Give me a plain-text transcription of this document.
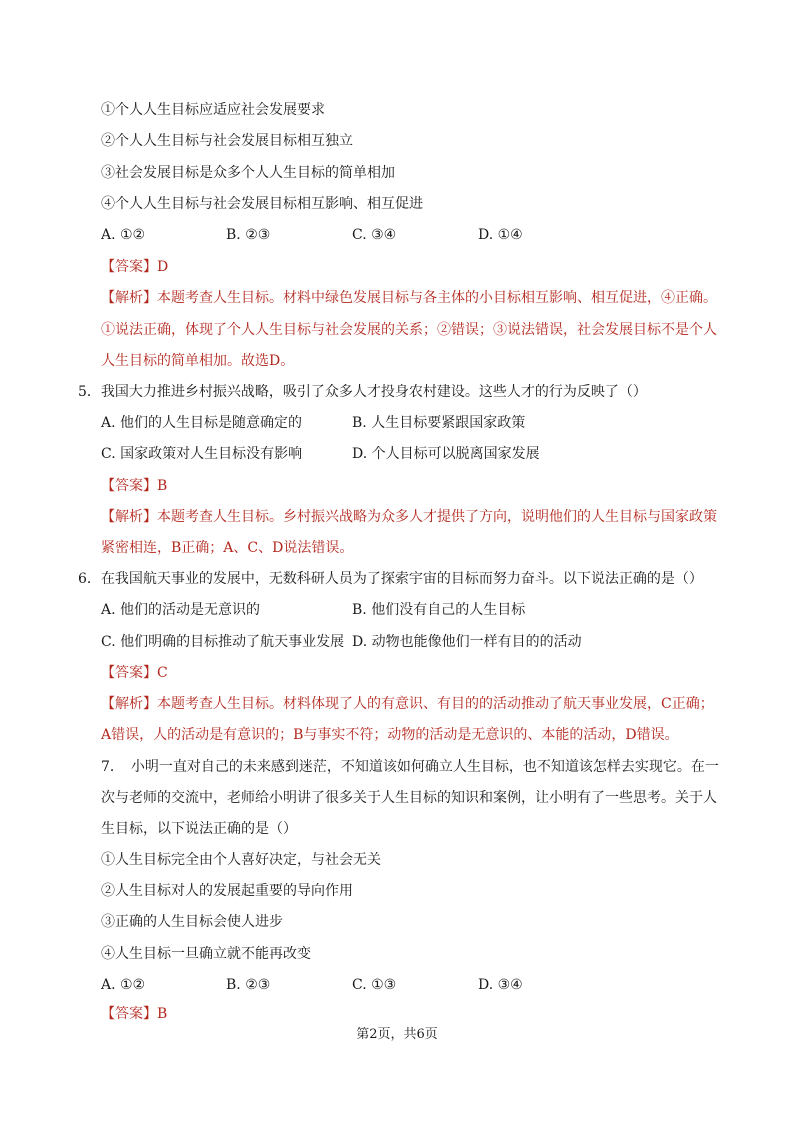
①个人人生目标应适应社会发展要求

②个人人生目标与社会发展目标相互独立

③社会发展目标是众多个人人生目标的简单相加

④个人人生目标与社会发展目标相互影响、相互促进

A. ①②	B. ②③	C. ③④	D. ①④

【答案】D

【解析】本题考查人生目标。材料中绿色发展目标与各主体的小目标相互影响、相互促进，④正确。

①说法正确，体现了个人人生目标与社会发展的关系；②错误；③说法错误，社会发展目标不是个人

人生目标的简单相加。故选D。

5．我国大力推进乡村振兴战略，吸引了众多人才投身农村建设。这些人才的行为反映了（）

A. 他们的人生目标是随意确定的	B. 人生目标要紧跟国家政策
C. 国家政策对人生目标没有影响	D. 个人目标可以脱离国家发展

【答案】B

【解析】本题考查人生目标。乡村振兴战略为众多人才提供了方向，说明他们的人生目标与国家政策

紧密相连，B正确；A、C、D说法错误。

6．在我国航天事业的发展中，无数科研人员为了探索宇宙的目标而努力奋斗。以下说法正确的是（）

A. 他们的活动是无意识的	B. 他们没有自己的人生目标
C. 他们明确的目标推动了航天事业发展 D. 动物也能像他们一样有目的的活动

【答案】C

【解析】本题考查人生目标。材料体现了人的有意识、有目的的活动推动了航天事业发展，C正确；

A错误，人的活动是有意识的；B与事实不符；动物的活动是无意识的、本能的活动，D错误。

7．　小明一直对自己的未来感到迷茫，不知道该如何确立人生目标，也不知道该怎样去实现它。在一

次与老师的交流中，老师给小明讲了很多关于人生目标的知识和案例，让小明有了一些思考。关于人

生目标，以下说法正确的是（）

①人生目标完全由个人喜好决定，与社会无关

②人生目标对人的发展起重要的导向作用

③正确的人生目标会使人进步

④人生目标一旦确立就不能再改变

A. ①②	B. ②③	C. ①③	D. ③④

【答案】B

第2页，共6页
